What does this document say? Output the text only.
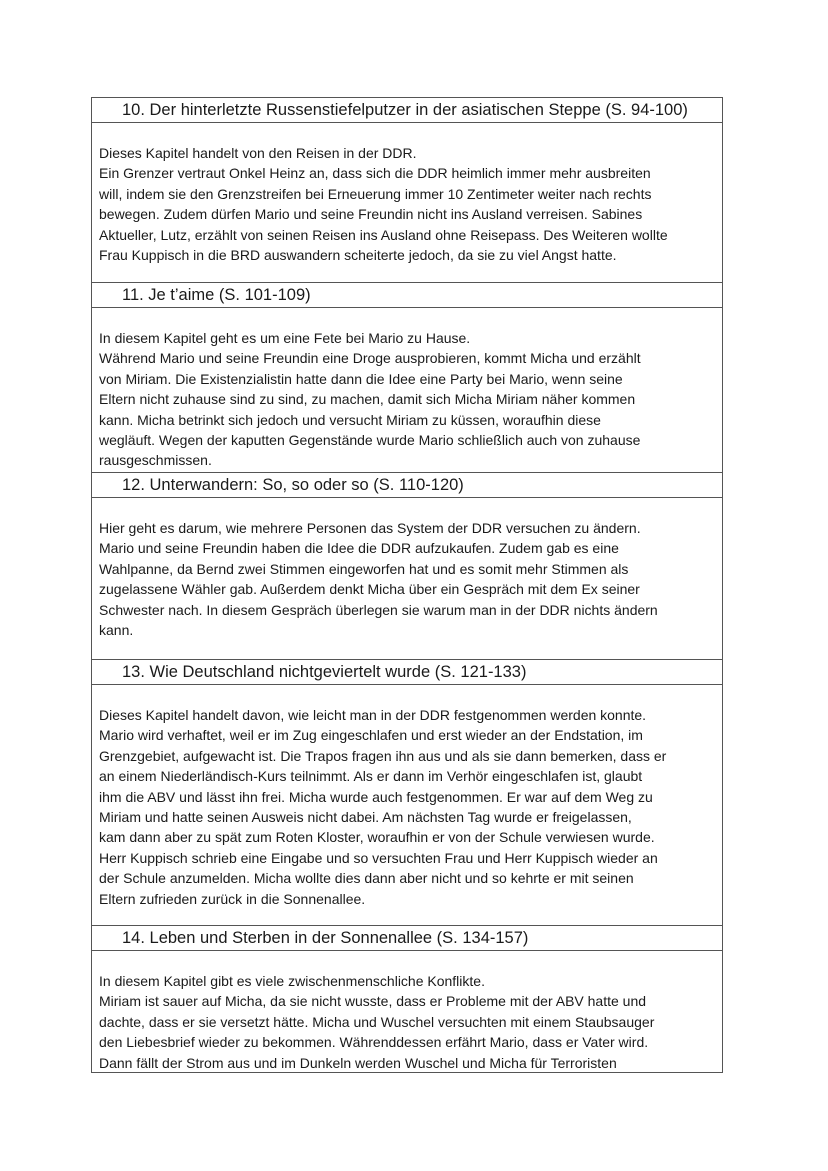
10. Der hinterletzte Russenstiefelputzer in der asiatischen Steppe (S. 94-100)
Dieses Kapitel handelt von den Reisen in der DDR.
Ein Grenzer vertraut Onkel Heinz an, dass sich die DDR heimlich immer mehr ausbreiten
will, indem sie den Grenzstreifen bei Erneuerung immer 10 Zentimeter weiter nach rechts
bewegen. Zudem dürfen Mario und seine Freundin nicht ins Ausland verreisen. Sabines
Aktueller, Lutz, erzählt von seinen Reisen ins Ausland ohne Reisepass. Des Weiteren wollte
Frau Kuppisch in die BRD auswandern scheiterte jedoch, da sie zu viel Angst hatte.
11. Je t’aime (S. 101-109)
In diesem Kapitel geht es um eine Fete bei Mario zu Hause.
Während Mario und seine Freundin eine Droge ausprobieren, kommt Micha und erzählt
von Miriam. Die Existenzialistin hatte dann die Idee eine Party bei Mario, wenn seine
Eltern nicht zuhause sind zu sind, zu machen, damit sich Micha Miriam näher kommen
kann. Micha betrinkt sich jedoch und versucht Miriam zu küssen, woraufhin diese
wegläuft. Wegen der kaputten Gegenstände wurde Mario schließlich auch von zuhause
rausgeschmissen.
12. Unterwandern: So, so oder so (S. 110-120)
Hier geht es darum, wie mehrere Personen das System der DDR versuchen zu ändern.
Mario und seine Freundin haben die Idee die DDR aufzukaufen. Zudem gab es eine
Wahlpanne, da Bernd zwei Stimmen eingeworfen hat und es somit mehr Stimmen als
zugelassene Wähler gab. Außerdem denkt Micha über ein Gespräch mit dem Ex seiner
Schwester nach. In diesem Gespräch überlegen sie warum man in der DDR nichts ändern
kann.
13. Wie Deutschland nichtgeviertelt wurde (S. 121-133)
Dieses Kapitel handelt davon, wie leicht man in der DDR festgenommen werden konnte.
Mario wird verhaftet, weil er im Zug eingeschlafen und erst wieder an der Endstation, im
Grenzgebiet, aufgewacht ist. Die Trapos fragen ihn aus und als sie dann bemerken, dass er
an einem Niederländisch-Kurs teilnimmt. Als er dann im Verhör eingeschlafen ist, glaubt
ihm die ABV und lässt ihn frei. Micha wurde auch festgenommen. Er war auf dem Weg zu
Miriam und hatte seinen Ausweis nicht dabei. Am nächsten Tag wurde er freigelassen,
kam dann aber zu spät zum Roten Kloster, woraufhin er von der Schule verwiesen wurde.
Herr Kuppisch schrieb eine Eingabe und so versuchten Frau und Herr Kuppisch wieder an
der Schule anzumelden. Micha wollte dies dann aber nicht und so kehrte er mit seinen
Eltern zufrieden zurück in die Sonnenallee.
14. Leben und Sterben in der Sonnenallee (S. 134-157)
In diesem Kapitel gibt es viele zwischenmenschliche Konflikte.
Miriam ist sauer auf Micha, da sie nicht wusste, dass er Probleme mit der ABV hatte und
dachte, dass er sie versetzt hätte. Micha und Wuschel versuchten mit einem Staubsauger
den Liebesbrief wieder zu bekommen. Währenddessen erfährt Mario, dass er Vater wird.
Dann fällt der Strom aus und im Dunkeln werden Wuschel und Micha für Terroristen
